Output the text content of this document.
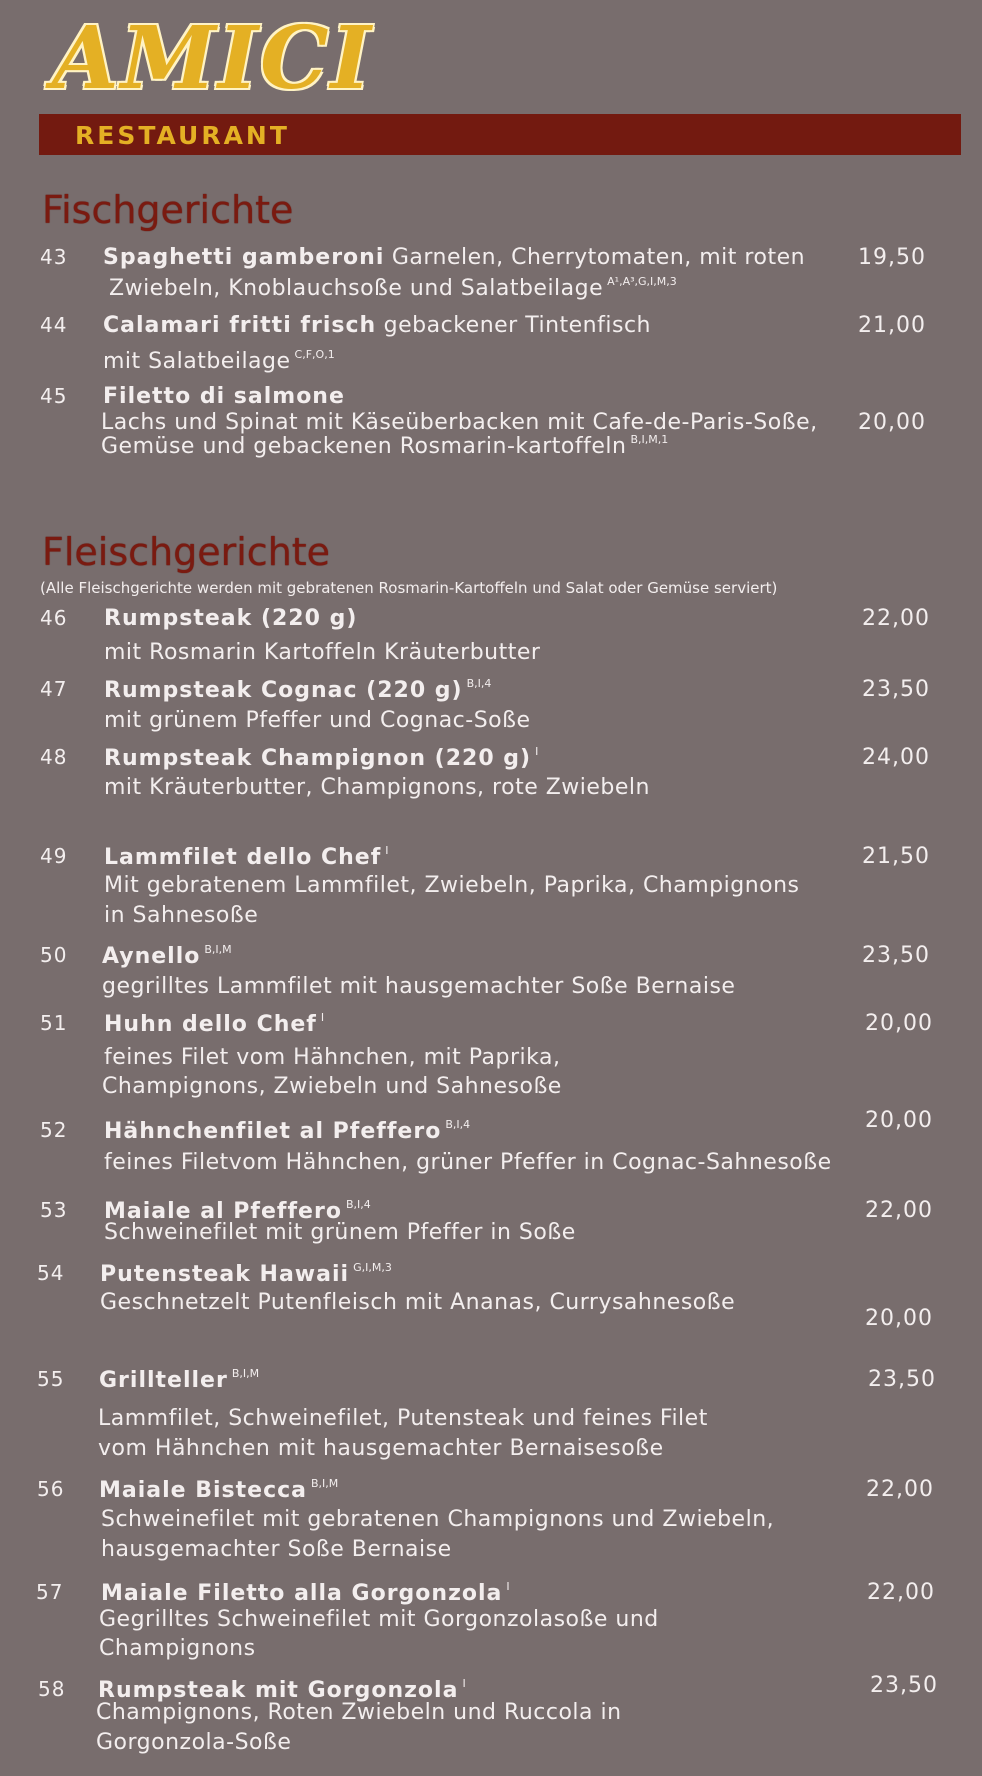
AMICI
RESTAURANT
Fischgerichte
43 Spaghetti gamberoni Garnelen, Cherrytomaten, mit roten
Zwiebeln, Knoblauchsoße und Salatbeilage $^{A^1,A^3,G,I,M,3}$
19,50
44 Calamari fritti frisch gebackener Tintenfisch
mit Salatbeilage $^{C,F,O,1}$
21,00
45 Filetto di salmone
Lachs und Spinat mit Käseüberbacken mit Cafe-de-Paris-Soße,
Gemüse und gebackenen Rosmarin-kartoffeln $^{B,I,M,1}$
20,00
Fleischgerichte
(Alle Fleischgerichte werden mit gebratenen Rosmarin-Kartoffeln und Salat oder Gemüse serviert)
46 Rumpsteak (220 g)
mit Rosmarin Kartoffeln Kräuterbutter
22,00
47 Rumpsteak Cognac (220 g) $^{B,I,4}$
mit grünem Pfeffer und Cognac-Soße
23,50
48 Rumpsteak Champignon (220 g) $^I$
mit Kräuterbutter, Champignons, rote Zwiebeln
24,00
49 Lammfilet dello Chef $^I$
Mit gebratenem Lammfilet, Zwiebeln, Paprika, Champignons
in Sahnesoße
21,50
50 Aynello $^{B,I,M}$
gegrilltes Lammfilet mit hausgemachter Soße Bernaise
23,50
51 Huhn dello Chef $^I$
feines Filet vom Hähnchen, mit Paprika,
Champignons, Zwiebeln und Sahnesoße
20,00
52 Hähnchenfilet al Pfeffero $^{B,I,4}$
feines Filetvom Hähnchen, grüner Pfeffer in Cognac-Sahnesoße
20,00
53 Maiale al Pfeffero $^{B,I,4}$
Schweinefilet mit grünem Pfeffer in Soße
22,00
54 Putensteak Hawaii $^{G,I,M,3}$
Geschnetzelt Putenfleisch mit Ananas, Currysahnesoße
20,00
55 Grillteller $^{B,I,M}$
Lammfilet, Schweinefilet, Putensteak und feines Filet
vom Hähnchen mit hausgemachter Bernaisesoße
23,50
56 Maiale Bistecca $^{B,I,M}$
Schweinefilet mit gebratenen Champignons und Zwiebeln,
hausgemachter Soße Bernaise
22,00
57 Maiale Filetto alla Gorgonzola $^I$
Gegrilltes Schweinefilet mit Gorgonzolasoße und
Champignons
22,00
58 Rumpsteak mit Gorgonzola $^I$
Champignons, Roten Zwiebeln und Ruccola in
Gorgonzola-Soße
23,50
